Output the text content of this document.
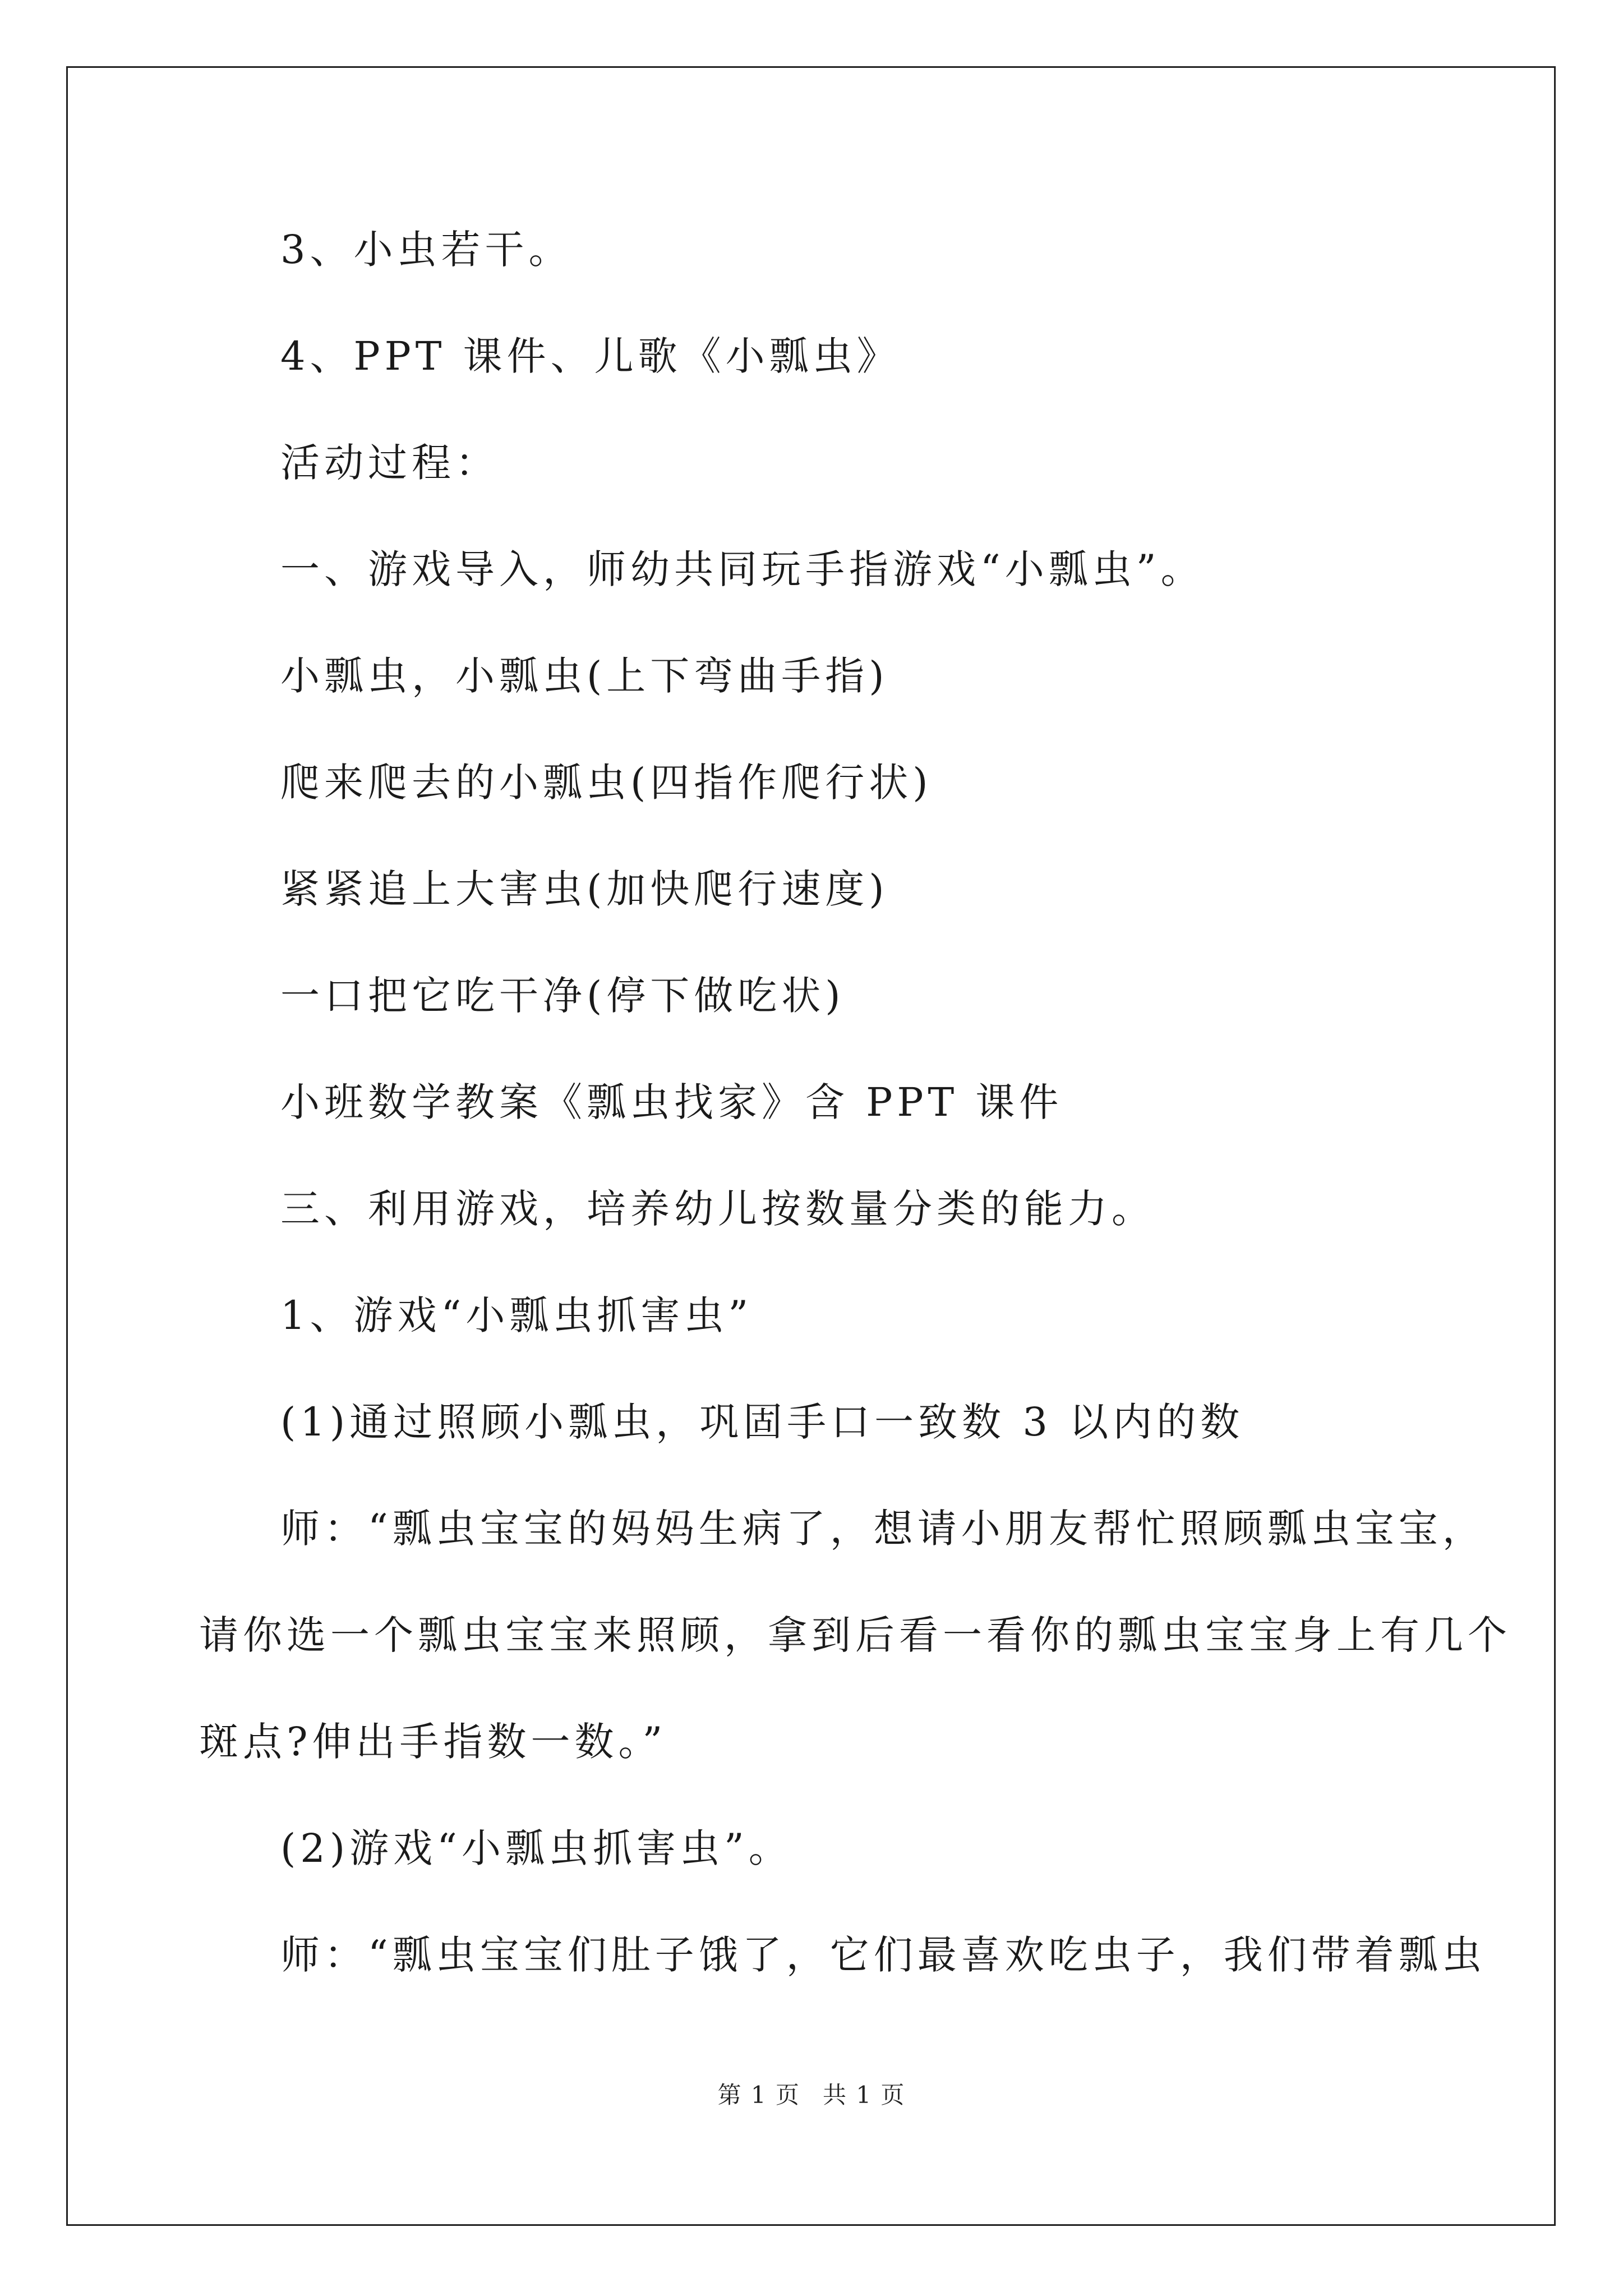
3、小虫若干。
4、PPT 课件、儿歌《小瓢虫》
活动过程：
一、游戏导入，师幼共同玩手指游戏“小瓢虫”。
小瓢虫，小瓢虫(上下弯曲手指)
爬来爬去的小瓢虫(四指作爬行状)
紧紧追上大害虫(加快爬行速度)
一口把它吃干净(停下做吃状)
小班数学教案《瓢虫找家》含 PPT 课件
三、利用游戏，培养幼儿按数量分类的能力。
1、游戏“小瓢虫抓害虫”
(1)通过照顾小瓢虫，巩固手口一致数 3 以内的数
师：“瓢虫宝宝的妈妈生病了，想请小朋友帮忙照顾瓢虫宝宝，
请你选一个瓢虫宝宝来照顾，拿到后看一看你的瓢虫宝宝身上有几个
斑点?伸出手指数一数。”
(2)游戏“小瓢虫抓害虫”。
师：“瓢虫宝宝们肚子饿了，它们最喜欢吃虫子，我们带着瓢虫
第 1 页 共 1 页
